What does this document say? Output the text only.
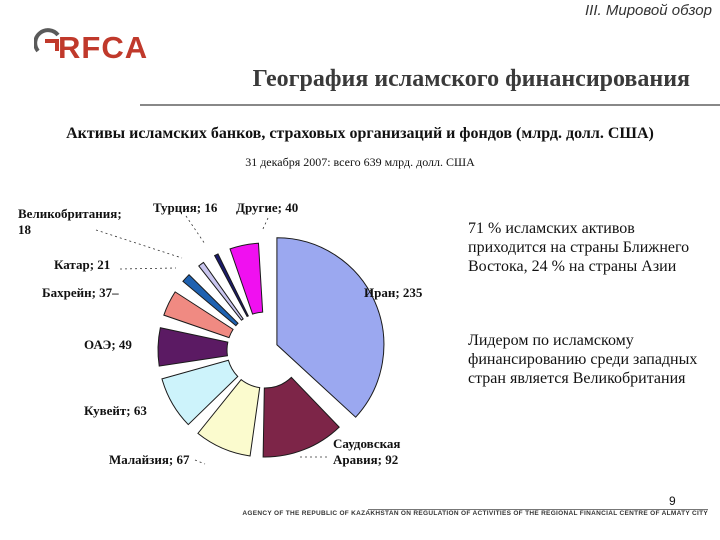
III. Мировой обзор
RFCA
География исламского финансирования
Активы исламских банков, страховых организаций и фондов (млрд. долл. США)
31 декабря 2007: всего 639 млрд. долл. США
Иран; 235
Саудовская Аравия; 92
Малайзия; 67
Кувейт; 63
ОАЭ; 49
Бахрейн; 37–
Катар; 21
Великобритания; 18
Турция; 16 Другие; 40
71 % исламских активов приходится на страны Ближнего Востока, 24 % на страны Азии
Лидером по исламскому финансированию среди западных стран является Великобритания
9
AGENCY OF THE REPUBLIC OF KAZAKHSTAN ON REGULATION OF ACTIVITIES OF THE REGIONAL FINANCIAL CENTRE OF ALMATY CITY
